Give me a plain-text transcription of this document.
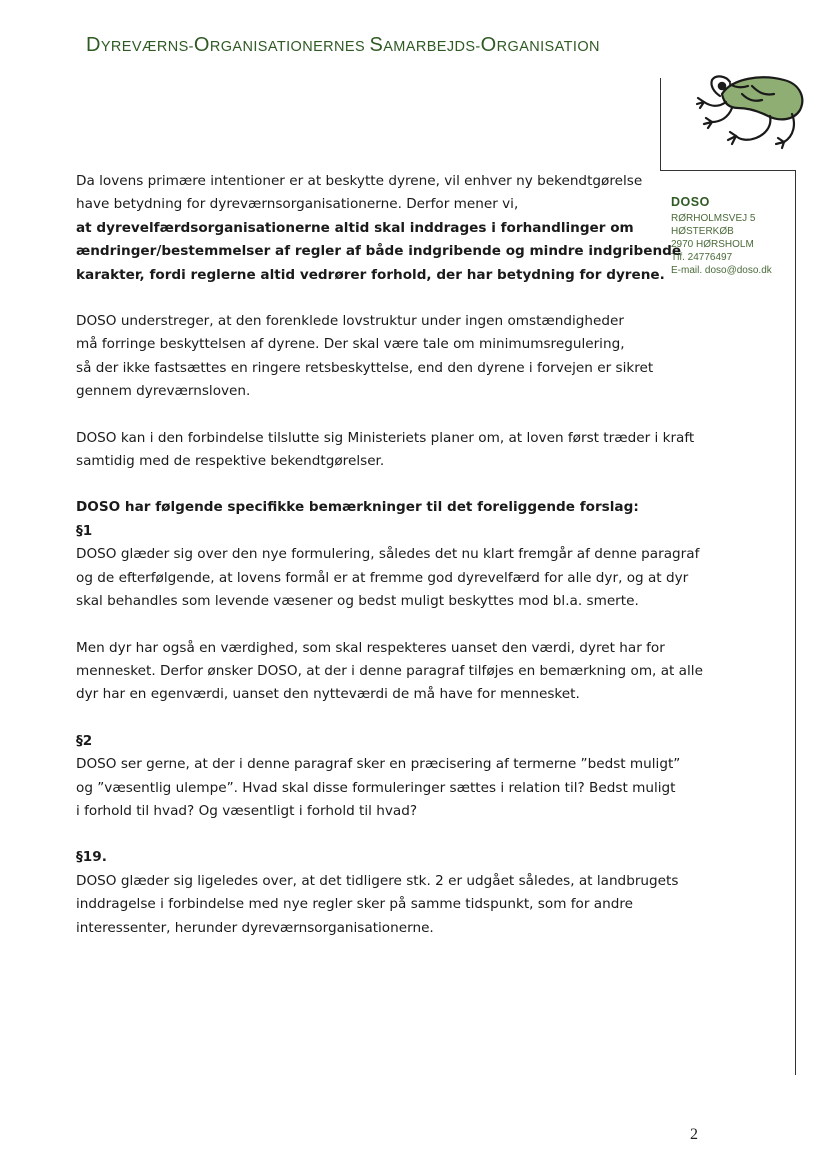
DYREVÆRNS-ORGANISATIONERNES SAMARBEJDS-ORGANISATION
DOSO
RØRHOLMSVEJ 5
HØSTERKØB
2970 HØRSHOLM
Tlf. 24776497
E-mail. doso@doso.dk

Da lovens primære intentioner er at beskytte dyrene, vil enhver ny bekendtgørelse
have betydning for dyreværnsorganisationerne. Derfor mener vi,
at dyrevelfærdsorganisationerne altid skal inddrages i forhandlinger om
ændringer/bestemmelser af regler af både indgribende og mindre indgribende
karakter, fordi reglerne altid vedrører forhold, der har betydning for dyrene.

DOSO understreger, at den forenklede lovstruktur under ingen omstændigheder
må forringe beskyttelsen af dyrene. Der skal være tale om minimumsregulering,
så der ikke fastsættes en ringere retsbeskyttelse, end den dyrene i forvejen er sikret
gennem dyreværnsloven.

DOSO kan i den forbindelse tilslutte sig Ministeriets planer om, at loven først træder i kraft
samtidig med de respektive bekendtgørelser.

DOSO har følgende specifikke bemærkninger til det foreliggende forslag:
§1
DOSO glæder sig over den nye formulering, således det nu klart fremgår af denne paragraf
og de efterfølgende, at lovens formål er at fremme god dyrevelfærd for alle dyr, og at dyr
skal behandles som levende væsener og bedst muligt beskyttes mod bl.a. smerte.

Men dyr har også en værdighed, som skal respekteres uanset den værdi, dyret har for
mennesket. Derfor ønsker DOSO, at der i denne paragraf tilføjes en bemærkning om, at alle
dyr har en egenværdi, uanset den nytteværdi de må have for mennesket.

§2
DOSO ser gerne, at der i denne paragraf sker en præcisering af termerne ”bedst muligt”
og ”væsentlig ulempe”. Hvad skal disse formuleringer sættes i relation til? Bedst muligt
i forhold til hvad? Og væsentligt i forhold til hvad?

§19.
DOSO glæder sig ligeledes over, at det tidligere stk. 2 er udgået således, at landbrugets
inddragelse i forbindelse med nye regler sker på samme tidspunkt, som for andre
interessenter, herunder dyreværnsorganisationerne.

2
